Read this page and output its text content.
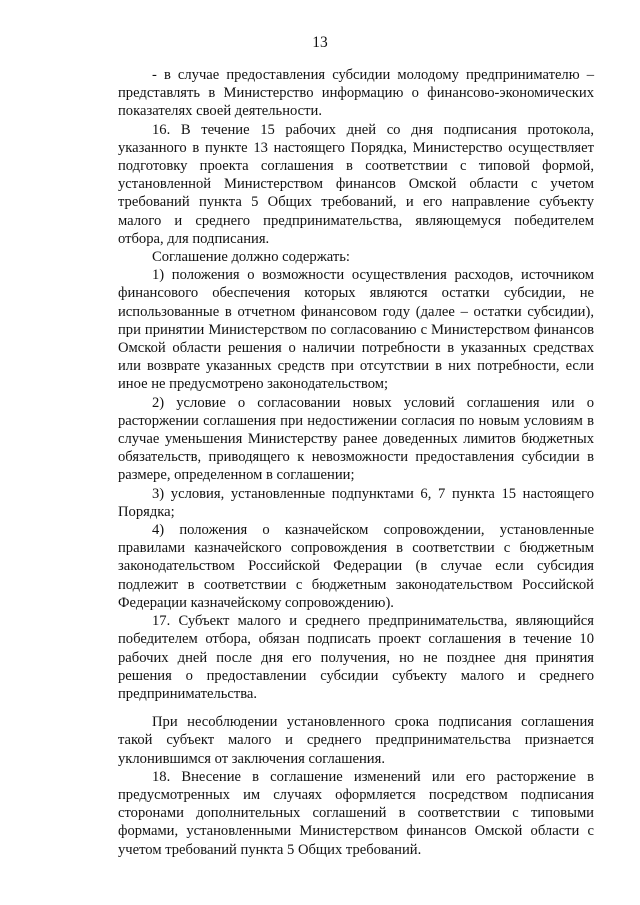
13

- в случае предоставления субсидии молодому предпринимателю – представлять в Министерство информацию о финансово-экономических показателях своей деятельности.

16. В течение 15 рабочих дней со дня подписания протокола, указанного в пункте 13 настоящего Порядка, Министерство осуществляет подготовку проекта соглашения в соответствии с типовой формой, установленной Министерством финансов Омской области с учетом требований пункта 5 Общих требований, и его направление субъекту малого и среднего предпринимательства, являющемуся победителем отбора, для подписания.

Соглашение должно содержать:

1) положения о возможности осуществления расходов, источником финансового обеспечения которых являются остатки субсидии, не использованные в отчетном финансовом году (далее – остатки субсидии), при принятии Министерством по согласованию с Министерством финансов Омской области решения о наличии потребности в указанных средствах или возврате указанных средств при отсутствии в них потребности, если иное не предусмотрено законодательством;

2) условие о согласовании новых условий соглашения или о расторжении соглашения при недостижении согласия по новым условиям в случае уменьшения Министерству ранее доведенных лимитов бюджетных обязательств, приводящего к невозможности предоставления субсидии в размере, определенном в соглашении;

3) условия, установленные подпунктами 6, 7 пункта 15 настоящего Порядка;

4) положения о казначейском сопровождении, установленные правилами казначейского сопровождения в соответствии с бюджетным законодательством Российской Федерации (в случае если субсидия подлежит в соответствии с бюджетным законодательством Российской Федерации казначейскому сопровождению).

17. Субъект малого и среднего предпринимательства, являющийся победителем отбора, обязан подписать проект соглашения в течение 10 рабочих дней после дня его получения, но не позднее дня принятия решения о предоставлении субсидии субъекту малого и среднего предпринимательства.

При несоблюдении установленного срока подписания соглашения такой субъект малого и среднего предпринимательства признается уклонившимся от заключения соглашения.

18. Внесение в соглашение изменений или его расторжение в предусмотренных им случаях оформляется посредством подписания сторонами дополнительных соглашений в соответствии с типовыми формами, установленными Министерством финансов Омской области с учетом требований пункта 5 Общих требований.
